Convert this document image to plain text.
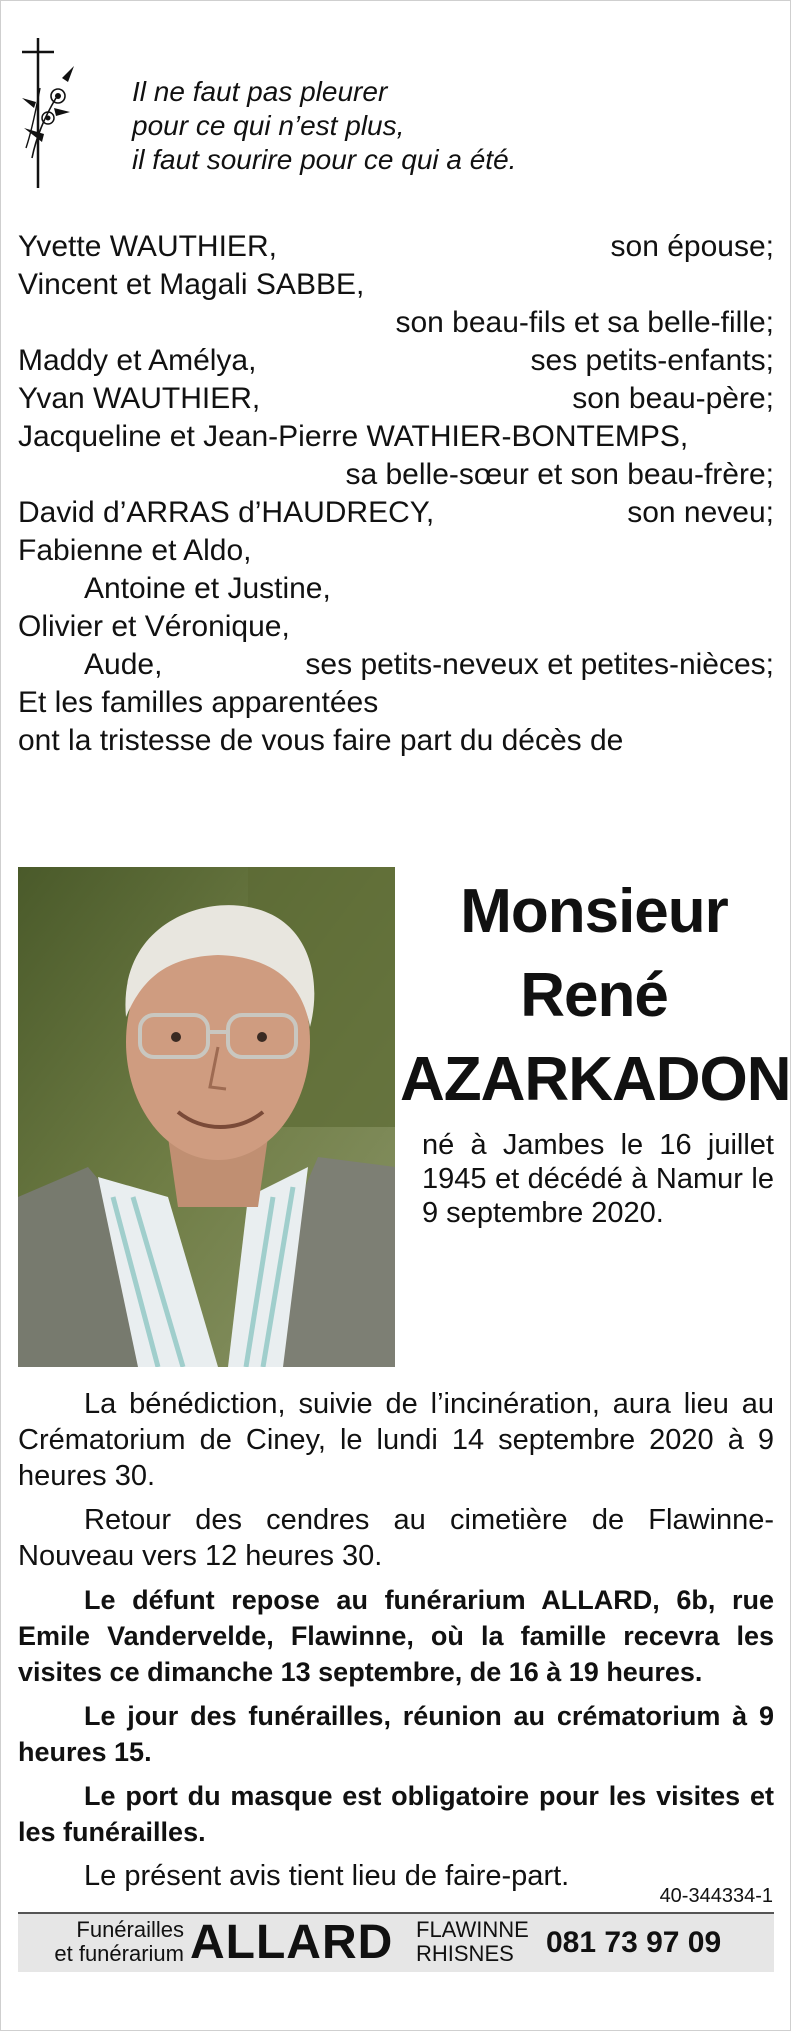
Il ne faut pas pleurer
pour ce qui n’est plus,
il faut sourire pour ce qui a été.
Yvette WAUTHIER,	son épouse;
Vincent et Magali SABBE,
son beau-fils et sa belle-fille;
Maddy et Amélya,	ses petits-enfants;
Yvan WAUTHIER,	son beau-père;
Jacqueline et Jean-Pierre WATHIER-BONTEMPS,
sa belle-sœur et son beau-frère;
David d’ARRAS d’HAUDRECY,	son neveu;
Fabienne et Aldo,
Antoine et Justine,
Olivier et Véronique,
Aude,	ses petits-neveux et petites-nièces;
Et les familles apparentées
ont la tristesse de vous faire part du décès de
Monsieur
René
AZARKADON
né à Jambes le 16 juillet 1945 et décédé à Namur le 9 septembre 2020.

La bénédiction, suivie de l’incinération, aura lieu au Crématorium de Ciney, le lundi 14 septembre 2020 à 9 heures 30.

Retour des cendres au cimetière de Flawinne-Nouveau vers 12 heures 30.

Le défunt repose au funérarium ALLARD, 6b, rue Emile Vandervelde, Flawinne, où la famille recevra les visites ce dimanche 13 septembre, de 16 à 19 heures.

Le jour des funérailles, réunion au crématorium à 9 heures 15.

Le port du masque est obligatoire pour les visites et les funérailles.

Le présent avis tient lieu de faire-part.

40-344334-1
Funérailles
et funérarium ALLARD FLAWINNE
RHISNES 081 73 97 09
